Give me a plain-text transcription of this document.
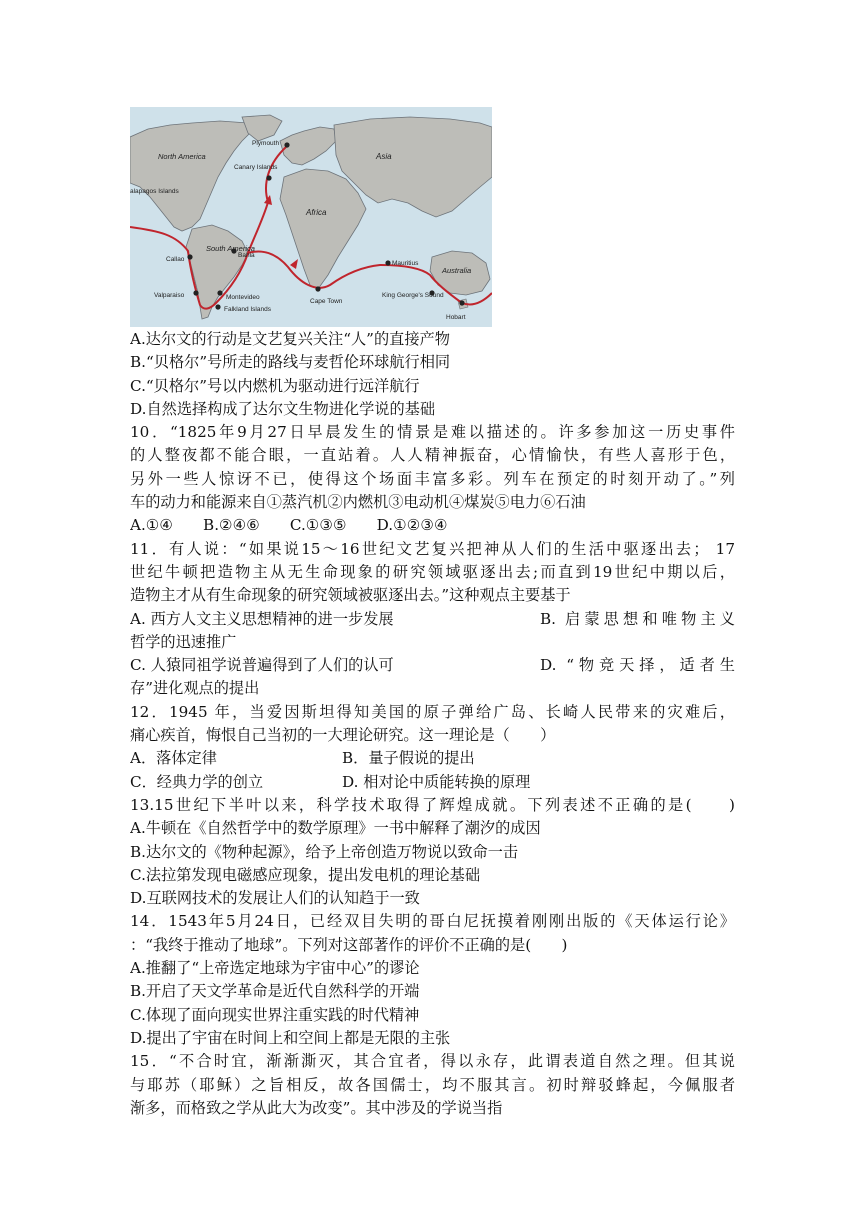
North America
South America
Asia
Africa
Australia
Plymouth
Canary Islands
alapagos Islands
Callao
Bahia
Valparaiso	Montevideo
Falkland Islands
Cape Town
Mauritius
King George's Sound
Hobart
A.达尔文的行动是文艺复兴关注“人”的直接产物
B.“贝格尔”号所走的路线与麦哲伦环球航行相同
C.“贝格尔”号以内燃机为驱动进行远洋航行
D.自然选择构成了达尔文生物进化学说的基础
10．“1825年9月27日早晨发生的情景是难以描述的。许多参加这一历史事件
的人整夜都不能合眼，一直站着。人人精神振奋，心情愉快，有些人喜形于色，
另外一些人惊讶不已，使得这个场面丰富多彩。列车在预定的时刻开动了。”列
车的动力和能源来自①蒸汽机②内燃机③电动机④煤炭⑤电力⑥石油
A.①④ B.②④⑥ C.①③⑤ D.①②③④
11．有人说：“如果说15～16世纪文艺复兴把神从人们的生活中驱逐出去； 17
世纪牛顿把造物主从无生命现象的研究领域驱逐出去;而直到19世纪中期以后，
造物主才从有生命现象的研究领域被驱逐出去。”这种观点主要基于
A. 西方人文主义思想精神的进一步发展	B. 启蒙思想和唯物主义
哲学的迅速推广
C. 人猿同祖学说普遍得到了人们的认可	D. “物竞天择，适者生
存”进化观点的提出
12．1945 年，当爱因斯坦得知美国的原子弹给广岛、长崎人民带来的灾难后，
痛心疾首，悔恨自己当初的一大理论研究。这一理论是（　　）
A．落体定律	B．量子假说的提出
C．经典力学的创立	D. 相对论中质能转换的原理
13.15世纪下半叶以来，科学技术取得了辉煌成就。下列表述不正确的是(　　)
A.牛顿在《自然哲学中的数学原理》一书中解释了潮汐的成因
B.达尔文的《物种起源》，给予上帝创造万物说以致命一击
C.法拉第发现电磁感应现象，提出发电机的理论基础
D.互联网技术的发展让人们的认知趋于一致
14．1543年5月24日，已经双目失明的哥白尼抚摸着刚刚出版的《天体运行论》
：“我终于推动了地球”。下列对这部著作的评价不正确的是(　　)
A.推翻了“上帝选定地球为宇宙中心”的谬论
B.开启了天文学革命是近代自然科学的开端
C.体现了面向现实世界注重实践的时代精神
D.提出了宇宙在时间上和空间上都是无限的主张
15．“不合时宜，渐渐澌灭，其合宜者，得以永存，此谓表道自然之理。但其说
与耶苏（耶稣）之旨相反，故各国儒士，均不服其言。初时辩驳蜂起，今佩服者
渐多，而格致之学从此大为改变”。其中涉及的学说当指
